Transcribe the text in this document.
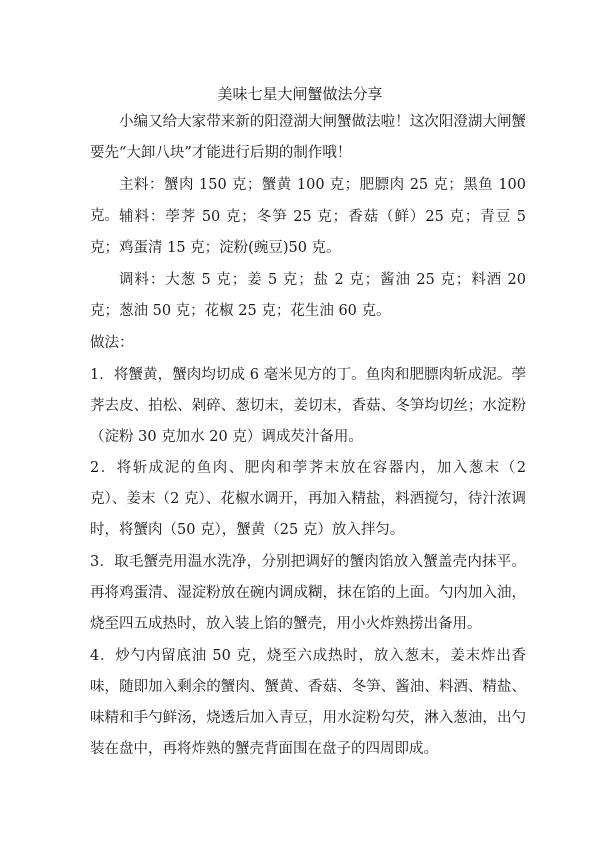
美味七星大闸蟹做法分享

小编又给大家带来新的阳澄湖大闸蟹做法啦！这次阳澄湖大闸蟹要先“大卸八块”才能进行后期的制作哦！

主料：蟹肉 150 克；蟹黄 100 克；肥膘肉 25 克；黑鱼 100 克。 辅料：荸荠 50 克；冬笋 25 克；香菇（鲜）25 克；青豆 5 克；鸡蛋清 15 克；淀粉(豌豆)50 克。

调料：大葱 5 克；姜 5 克；盐 2 克；酱油 25 克；料酒 20 克；葱油 50 克；花椒 25 克；花生油 60 克。

做法：

1．将蟹黄，蟹肉均切成 6 毫米见方的丁。鱼肉和肥膘肉斩成泥。荸荠去皮、拍松、剁碎、葱切末，姜切末，香菇、冬笋均切丝；水淀粉（淀粉 30 克加水 20 克）调成芡汁备用。

2．将斩成泥的鱼肉、肥肉和荸荠末放在容器内，加入葱末（2 克）、姜末（2 克）、花椒水调开，再加入精盐，料酒搅匀，待汁浓调时，将蟹肉（50 克），蟹黄（25 克）放入拌匀。

3．取毛蟹壳用温水洗净，分别把调好的蟹肉馅放入蟹盖壳内抹平。再将鸡蛋清、湿淀粉放在碗内调成糊，抹在馅的上面。勺内加入油，烧至四五成热时，放入装上馅的蟹壳，用小火炸熟捞出备用。

4．炒勺内留底油 50 克，烧至六成热时，放入葱末，姜末炸出香味，随即加入剩余的蟹肉、蟹黄、香菇、冬笋、酱油、料酒、精盐、味精和手勺鲜汤，烧透后加入青豆，用水淀粉勾芡，淋入葱油，出勺装在盘中，再将炸熟的蟹壳背面围在盘子的四周即成。
